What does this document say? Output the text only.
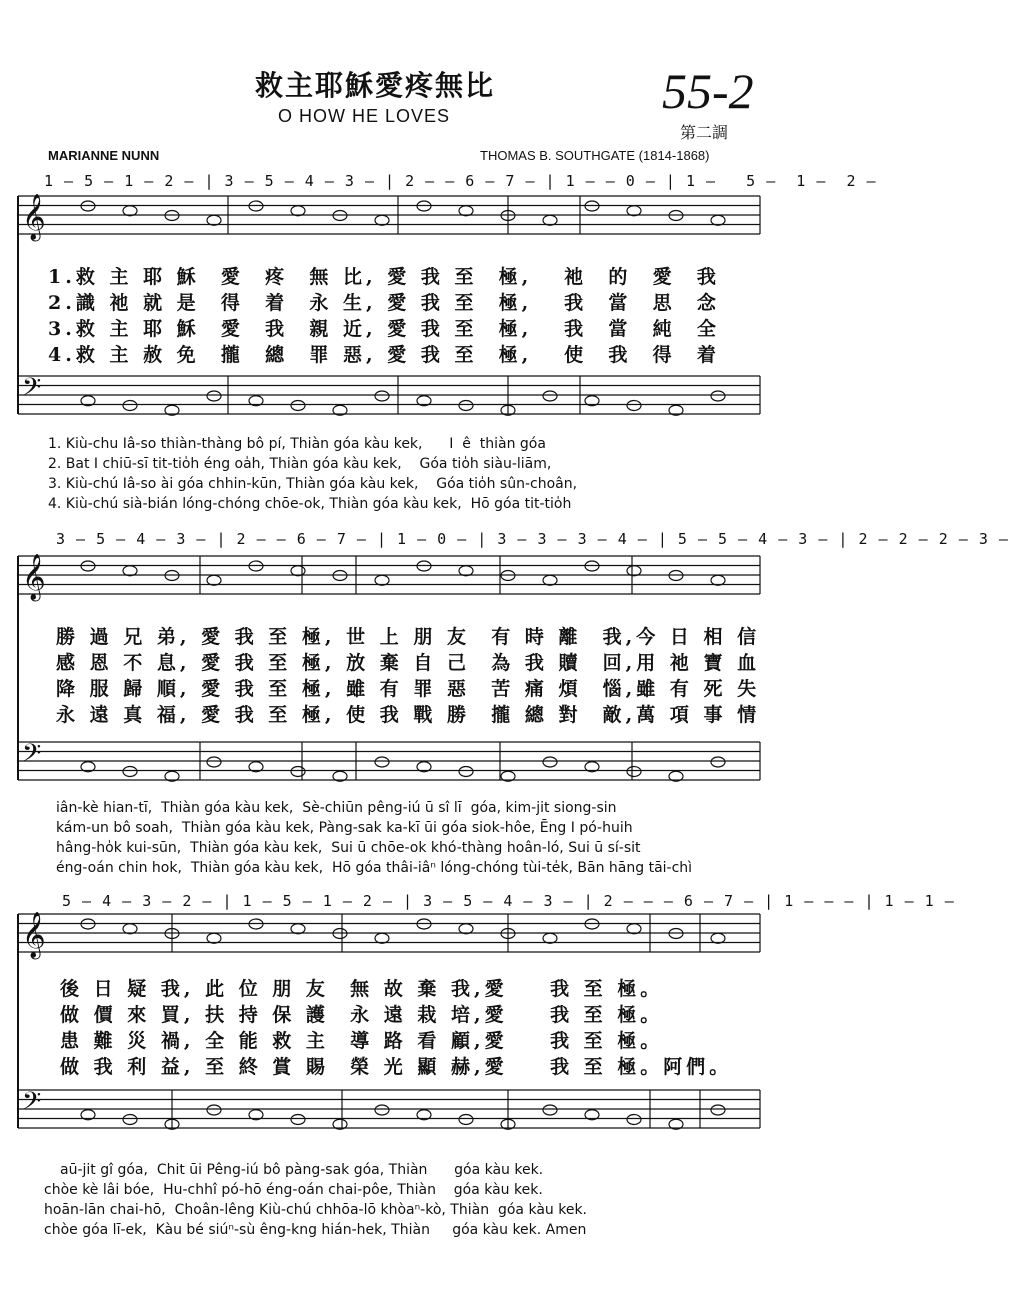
救主耶穌愛疼無比
O HOW HE LOVES	55-2
第二調
MARIANNE NUNN	THOMAS B. SOUTHGATE (1814-1868)
𝄞
𝄢
𝄞
𝄢
𝄞
𝄢
1 – 5 – 1 – 2 – | 3 – 5 – 4 – 3 – | 2 – – 6 – 7 – | 1 – – 0 – | 1 –   5 –  1 –  2 –
1.救 主 耶 穌  愛  疼  無 比, 愛 我 至  極,   祂  的  愛  我
2.識 祂 就 是  得  着  永 生, 愛 我 至  極,   我  當  思  念
3.救 主 耶 穌  愛  我  親 近, 愛 我 至  極,   我  當  純  全
4.救 主 赦 免  攏  總  罪 惡, 愛 我 至  極,   使  我  得  着
1. Kiù-chu Iâ-so thiàn-thàng bô pí, Thiàn góa kàu kek,      I  ê  thiàn góa
2. Bat I chiū-sī tit-tio̍h éng oa̍h, Thiàn góa kàu kek,    Góa tio̍h siàu-liām,
3. Kiù-chú Iâ-so ài góa chhin-kūn, Thiàn góa kàu kek,    Góa tio̍h sûn-choân,
4. Kiù-chú sià-bián lóng-chóng chōe-ok, Thiàn góa kàu kek,  Hō góa tit-tio̍h
3 – 5 – 4 – 3 – | 2 – – 6 – 7 – | 1 – 0 – | 3 – 3 – 3 – 4 – | 5 – 5 – 4 – 3 – | 2 – 2 – 2 – 3 –
勝 過 兄 弟, 愛 我 至 極, 世 上 朋 友  有 時 離  我,今 日 相 信
感 恩 不 息, 愛 我 至 極, 放 棄 自 己  為 我 贖  回,用 祂 寶 血
降 服 歸 順, 愛 我 至 極, 雖 有 罪 惡  苦 痛 煩  惱,雖 有 死 失
永 遠 真 福, 愛 我 至 極, 使 我 戰 勝  攏 總 對  敵,萬 項 事 情
iân-kè hian-tī,  Thiàn góa kàu kek,  Sè-chiūn pêng-iú ū sî lī  góa, kim-jit siong-sin
kám-un bô soah,  Thiàn góa kàu kek, Pàng-sak ka-kī ūi góa siok-hôe, Ēng I pó-huih
hâng-ho̍k kui-sūn,  Thiàn góa kàu kek,  Sui ū chōe-ok khó-thàng hoân-ló, Sui ū sí-sit
éng-oán chin hok,  Thiàn góa kàu kek,  Hō góa thâi-iâⁿ lóng-chóng tùi-te̍k, Bān hāng tāi-chì
5 – 4 – 3 – 2 – | 1 – 5 – 1 – 2 – | 3 – 5 – 4 – 3 – | 2 – – – 6 – 7 – | 1 – – – | 1 – 1 –
後 日 疑 我, 此 位 朋 友  無 故 棄 我,愛    我 至 極。
做 價 來 買, 扶 持 保 護  永 遠 栽 培,愛    我 至 極。
患 難 災 禍, 全 能 救 主  導 路 看 顧,愛    我 至 極。
做 我 利 益, 至 終 賞 賜  榮 光 顯 赫,愛    我 至 極。阿們。
aū-jit gî góa,  Chit ūi Pêng-iú bô pàng-sak góa, Thiàn      góa kàu kek.
chòe kè lâi bóe,  Hu-chhî pó-hō éng-oán chai-pôe, Thiàn    góa kàu kek.
hoān-lān chai-hō,  Choân-lêng Kiù-chú chhōa-lō khòaⁿ-kò, Thiàn  góa kàu kek.
chòe góa lī-ek,  Kàu bé siúⁿ-sù êng-kng hián-hek, Thiàn     góa kàu kek. Amen
